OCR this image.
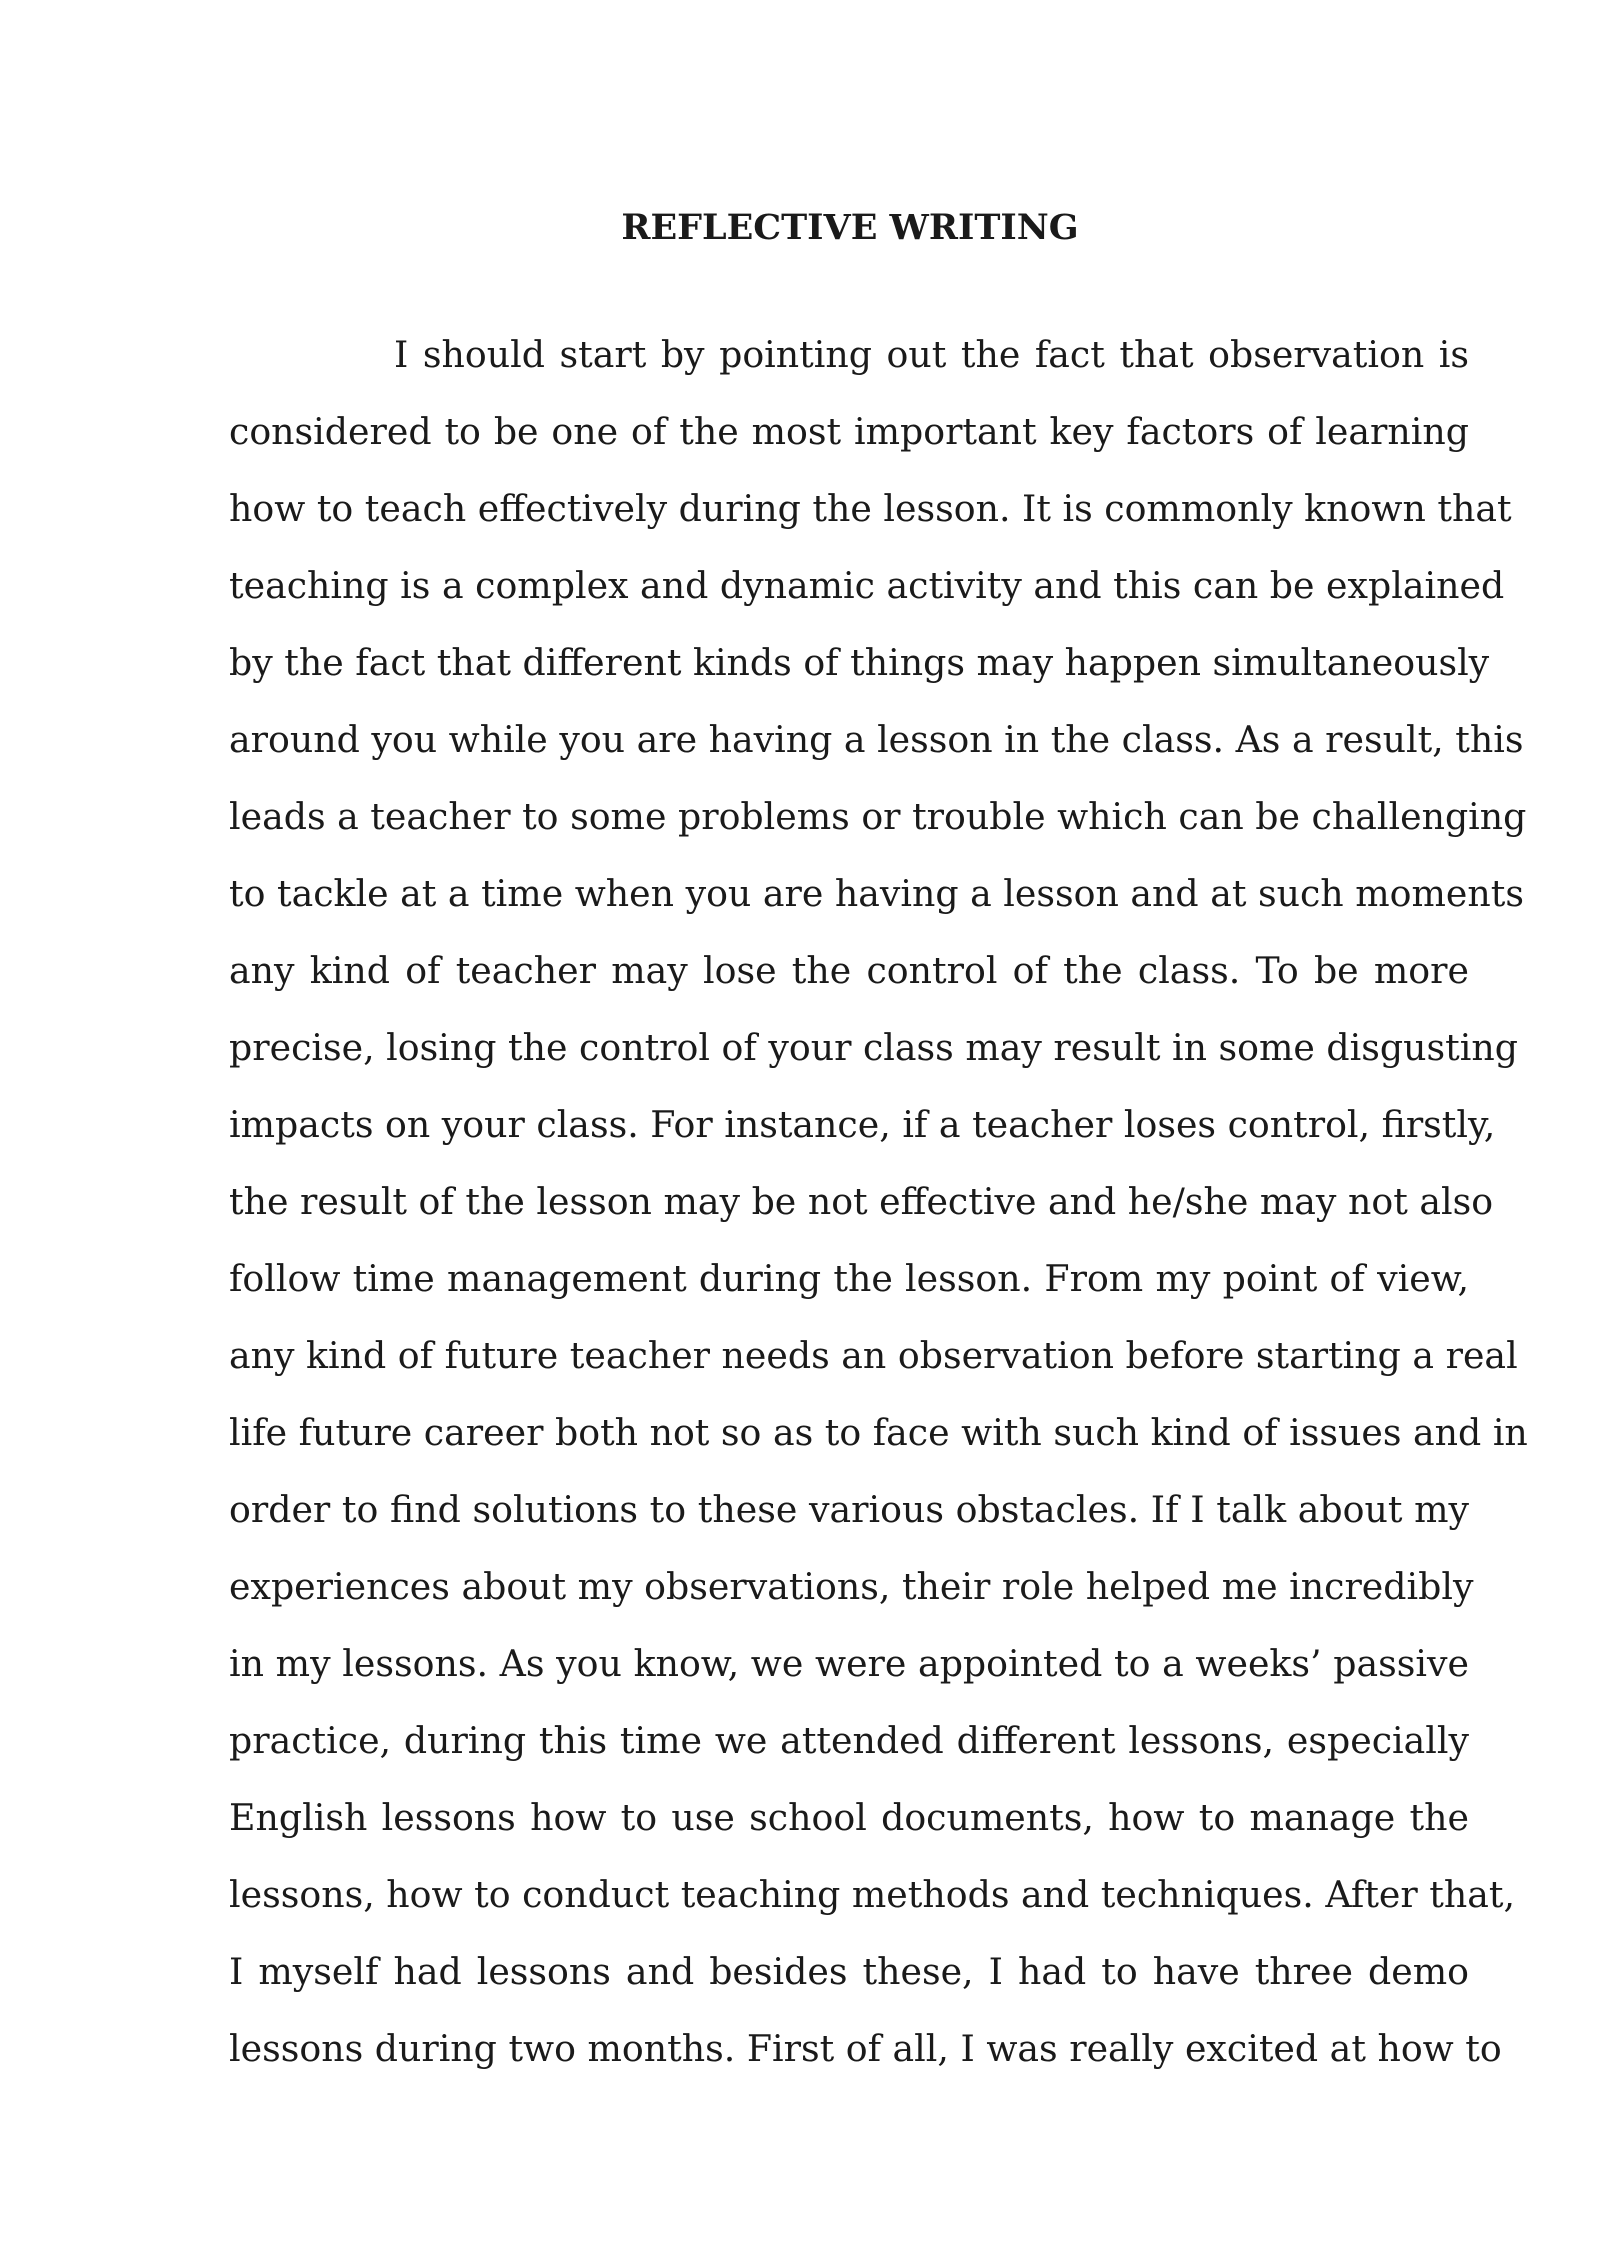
REFLECTIVE WRITING
I should start by pointing out the fact that observation is
considered to be one of the most important key factors of learning
how to teach effectively during the lesson. It is commonly known that
teaching is a complex and dynamic activity and this can be explained
by the fact that different kinds of things may happen simultaneously
around you while you are having a lesson in the class. As a result, this
leads a teacher to some problems or trouble which can be challenging
to tackle at a time when you are having a lesson and at such moments
any kind of teacher may lose the control of the class. To be more
precise, losing the control of your class may result in some disgusting
impacts on your class. For instance, if a teacher loses control, firstly,
the result of the lesson may be not effective and he/she may not also
follow time management during the lesson. From my point of view,
any kind of future teacher needs an observation before starting a real
life future career both not so as to face with such kind of issues and in
order to find solutions to these various obstacles. If I talk about my
experiences about my observations, their role helped me incredibly
in my lessons. As you know, we were appointed to a weeks’ passive
practice, during this time we attended different lessons, especially
English lessons how to use school documents, how to manage the
lessons, how to conduct teaching methods and techniques. After that,
I myself had lessons and besides these, I had to have three demo
lessons during two months. First of all, I was really excited at how to
